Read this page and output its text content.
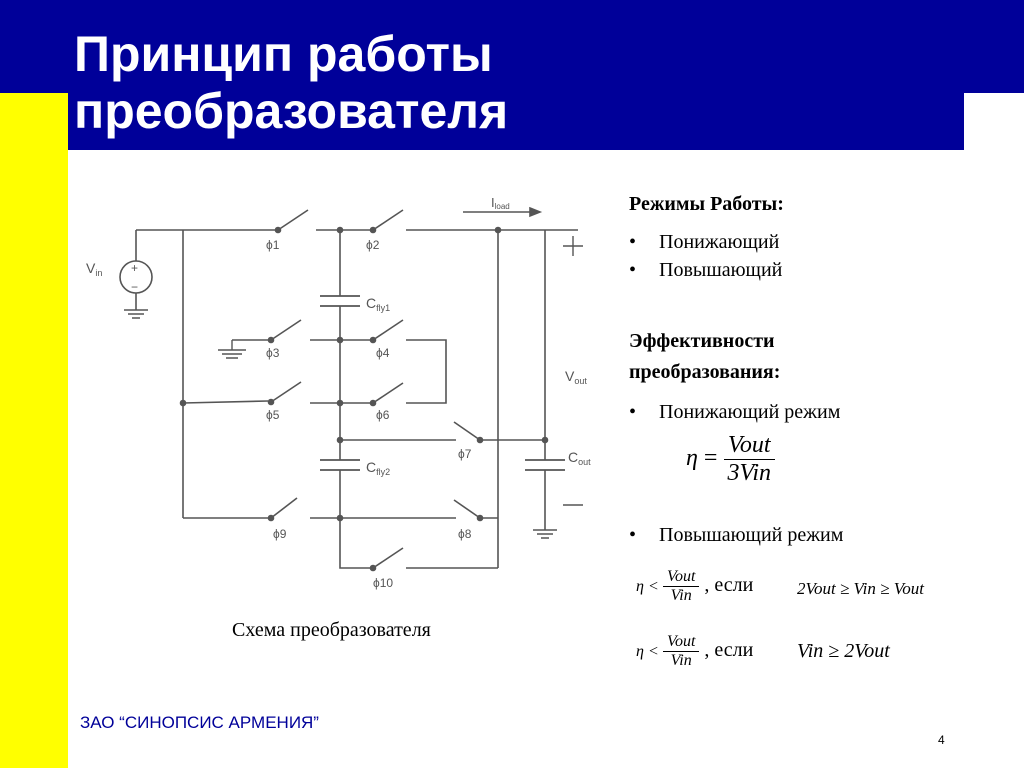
Принцип работы
преобразователя
+
−
$V_{in}$
Iload
$V_{out}$
$C_{fly1}$
$C_{fly2}$
$C_{out}$
ϕ1	ϕ2
ϕ3	ϕ4
ϕ5	ϕ6
ϕ7
ϕ8
ϕ9
ϕ10
Схема преобразователя
Режимы Работы:
• Понижающий
• Повышающий
Эффективности
преобразования:
• Понижающий режим
$\eta = \frac{\text{Vout}}{\text{3Vin}}$
• Повышающий режим
$\eta < \frac{\text{Vout}}{\text{Vin}}$ , если	2Vout ≥ Vin ≥ Vout
$\eta < \frac{\text{Vout}}{\text{Vin}}$ , если Vin ≥ 2Vout
ЗАО “СИНОПСИС АРМЕНИЯ”
4
